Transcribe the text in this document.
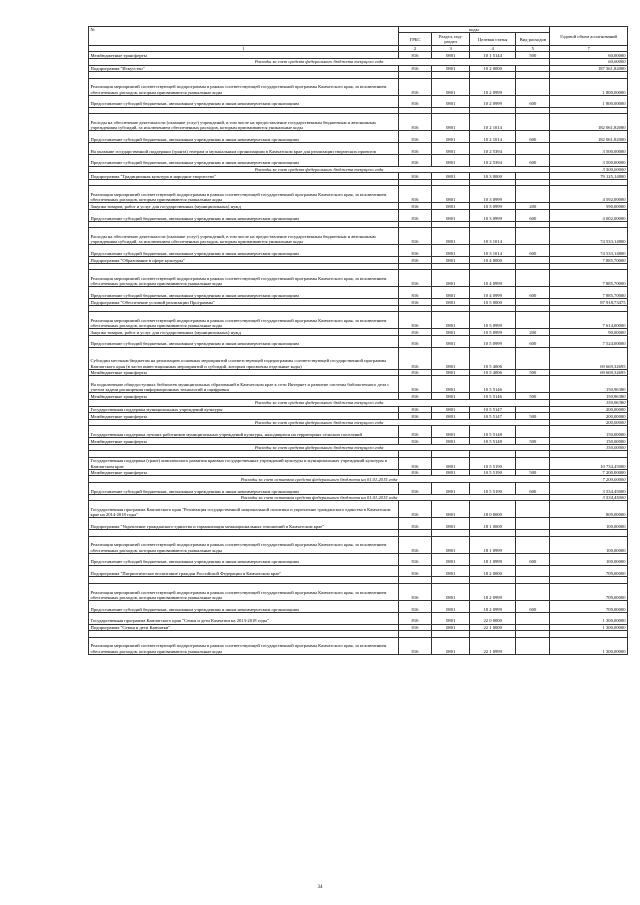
№	коды				Годовой объем ассигнований
	ГРБС	Раздел, под-раздел	Целевая статья	Вид расходов	
1	2	3	4	5	7
Межбюджетные трансферты	816	0801	10 1 5144	500	60,00000
Расходы за счет средств федерального бюджета текущего года					60,00000
Подпрограмма "Искусство"	816	0801	10 2 0000		187 361,82000

Реализация мероприятий соответствующей подпрограммы в рамках соответствующей государственной программы Камчатского края, за исключением обеспеченных расходов, которым присваиваются уникальные коды	816	0801	10 2 0999		1 800,00000
Предоставление субсидий бюджетным, автономным учреждениям и иным некоммерческим организациям	816	0801	10 2 0999	600	1 800,00000

Расходы на обеспечение деятельности (оказание услуг) учреждений, в том числе на предоставление государственным бюджетным и автономным учреждениям субсидий, за исключением обеспеченных расходов, которым присваиваются уникальные коды	816	0801	10 2 1014		182 061,82000
Предоставление субсидий бюджетным, автономным учреждениям и иным некоммерческим организациям	816	0801	10 2 1014	600	182 061,82000
На оказание государственной поддержки (гранта) театрам и музыкальным организациям в Камчатском крае для реализации творческих проектов	816	0801	10 2 5394		3 500,00000
Предоставление субсидий бюджетным, автономным учреждениям и иным некоммерческим организациям	816	0801	10 2 5394	600	3 500,00000
Расходы за счет средств федерального бюджета текущего года					3 500,00000
Подпрограмма "Традиционная культура и народное творчество"	816	0801	10 3 0000		79 125,14800

Реализация мероприятий соответствующей подпрограммы в рамках соответствующей государственной программы Камчатского края, за исключением обеспеченных расходов, которым присваиваются уникальные коды	816	0801	10 3 0999		4 592,00000
Закупка товаров, работ и услуг для государственных (муниципальных) нужд	816	0801	10 3 0999	200	590,00000
Предоставление субсидий бюджетным, автономным учреждениям и иным некоммерческим организациям	816	0801	10 3 0999	600	4 002,00000

Расходы на обеспечение деятельности (оказание услуг) учреждений, в том числе на предоставление государственным бюджетным и автономным учреждениям субсидий, за исключением обеспеченных расходов, которым присваиваются уникальные коды	816	0801	10 3 1014		74 533,14800
Предоставление субсидий бюджетным, автономным учреждениям и иным некоммерческим организациям	816	0801	10 3 1014	600	74 533,14800
Подпрограмма "Образование в сфере культуры"	816	0801	10 4 0000		7 885,70000

Реализация мероприятий соответствующей подпрограммы в рамках соответствующей государственной программы Камчатского края, за исключением обеспеченных расходов, которым присваиваются уникальные коды	816	0801	10 4 0999		7 885,70000
Предоставление субсидий бюджетным, автономным учреждениям и иным некоммерческим организациям	816	0801	10 4 0999	600	7 885,70000
Подпрограмма "Обеспечение условий реализации Программы"	816	0801	10 5 0000		87 918,73475

Реализация мероприятий соответствующей подпрограммы в рамках соответствующей государственной программы Камчатского края, за исключением обеспеченных расходов, которым присваиваются уникальные коды	816	0801	10 5 0999		7 614,00000
Закупка товаров, работ и услуг для государственных (муниципальных) нужд	816	0801	10 5 0999	200	90,00000
Предоставление субсидий бюджетным, автономным учреждениям и иным некоммерческим организациям	816	0801	10 5 0999	600	7 524,00000
Субсидии местным бюджетам на реализацию основных мероприятий соответствующей подпрограммы соответствующей государственной программы Камчатского края (в части инвестиционных мероприятий и субсидий, которым присвоены отдельные коды)	816	0801	10 5 4006		69 669,32695
Межбюджетные трансферты	816	0801	10 5 4006	500	69 669,32695
На подключение общедоступных библиотек муниципальных образований в Камчатском крае к сети Интернет и развитие системы библиотечного дела с учетом задачи расширения информационных технологий и оцифровки	816	0801	10 5 5146		150,96380
Межбюджетные трансферты	816	0801	10 5 5146	500	150,96380
Расходы за счет средств федерального бюджета текущего года					150,96380
Государственная поддержка муниципальных учреждений культуры	816	0801	10 5 5147		200,00000
Межбюджетные трансферты	816	0801	10 5 5147	500	200,00000
Расходы за счет средств федерального бюджета текущего года					200,00000
Государственная поддержка лучших работников муниципальных учреждений культуры, находящихся на территориях сельских поселений	816	0801	10 5 5148		150,00000
Межбюджетные трансферты	816	0801	10 5 5148	500	150,00000
Расходы за счет средств федерального бюджета текущего года					150,00000

Государственная поддержка (грант) комплексного развития краевых государственных учреждений культуры и муниципальных учреждений культуры в Камчатском крае	816	0801	10 5 5190		10 734,45000
Межбюджетные трансферты	816	0801	10 5 5190	500	7 200,00000
Расходы за счет остатков средств федерального бюджета на 01.01.2015 года					7 200,00000
Предоставление субсидий бюджетным, автономным учреждениям и иным некоммерческим организациям	816	0801	10 5 5190	600	3 534,45000
Расходы за счет остатков средств федерального бюджета на 01.01.2015 года					3 534,45000
Государственная программа Камчатского края "Реализация государственной национальной политики и укрепление гражданского единства в Камчатском крае на 2014-2018 годы"	816	0801	18 0 0000		809,00000
Подпрограмма "Укрепление гражданского единства и гармонизация межнациональных отношений в Камчатском крае"	816	0801	18 1 0000		100,00000

Реализация мероприятий соответствующей подпрограммы в рамках соответствующей государственной программы Камчатского края, за исключением обеспеченных расходов, которым присваиваются уникальные коды	816	0801	18 1 0999		100,00000
Предоставление субсидий бюджетным, автономным учреждениям и иным некоммерческим организациям	816	0801	18 1 0999	600	100,00000
Подпрограмма "Патриотическое воспитание граждан Российской Федерации в Камчатском крае"	816	0801	18 2 0000		709,00000

Реализация мероприятий соответствующей подпрограммы в рамках соответствующей государственной программы Камчатского края, за исключением обеспеченных расходов, которым присваиваются уникальные коды	816	0801	18 2 0999		709,00000
Предоставление субсидий бюджетным, автономным учреждениям и иным некоммерческим организациям	816	0801	18 2 0999	600	709,00000
Государственная программа Камчатского края "Семья и дети Камчатки на 2013-2018 годы"	816	0801	22 0 0000		1 300,00000
Подпрограмма "Семья и дети Камчатки"	816	0801	22 1 0000		1 300,00000

Реализация мероприятий соответствующей подпрограммы в рамках соответствующей государственной программы Камчатского края, за исключением обеспеченных расходов, которым присваиваются уникальные коды	816	0801	22 1 0999		1 300,00000
34
